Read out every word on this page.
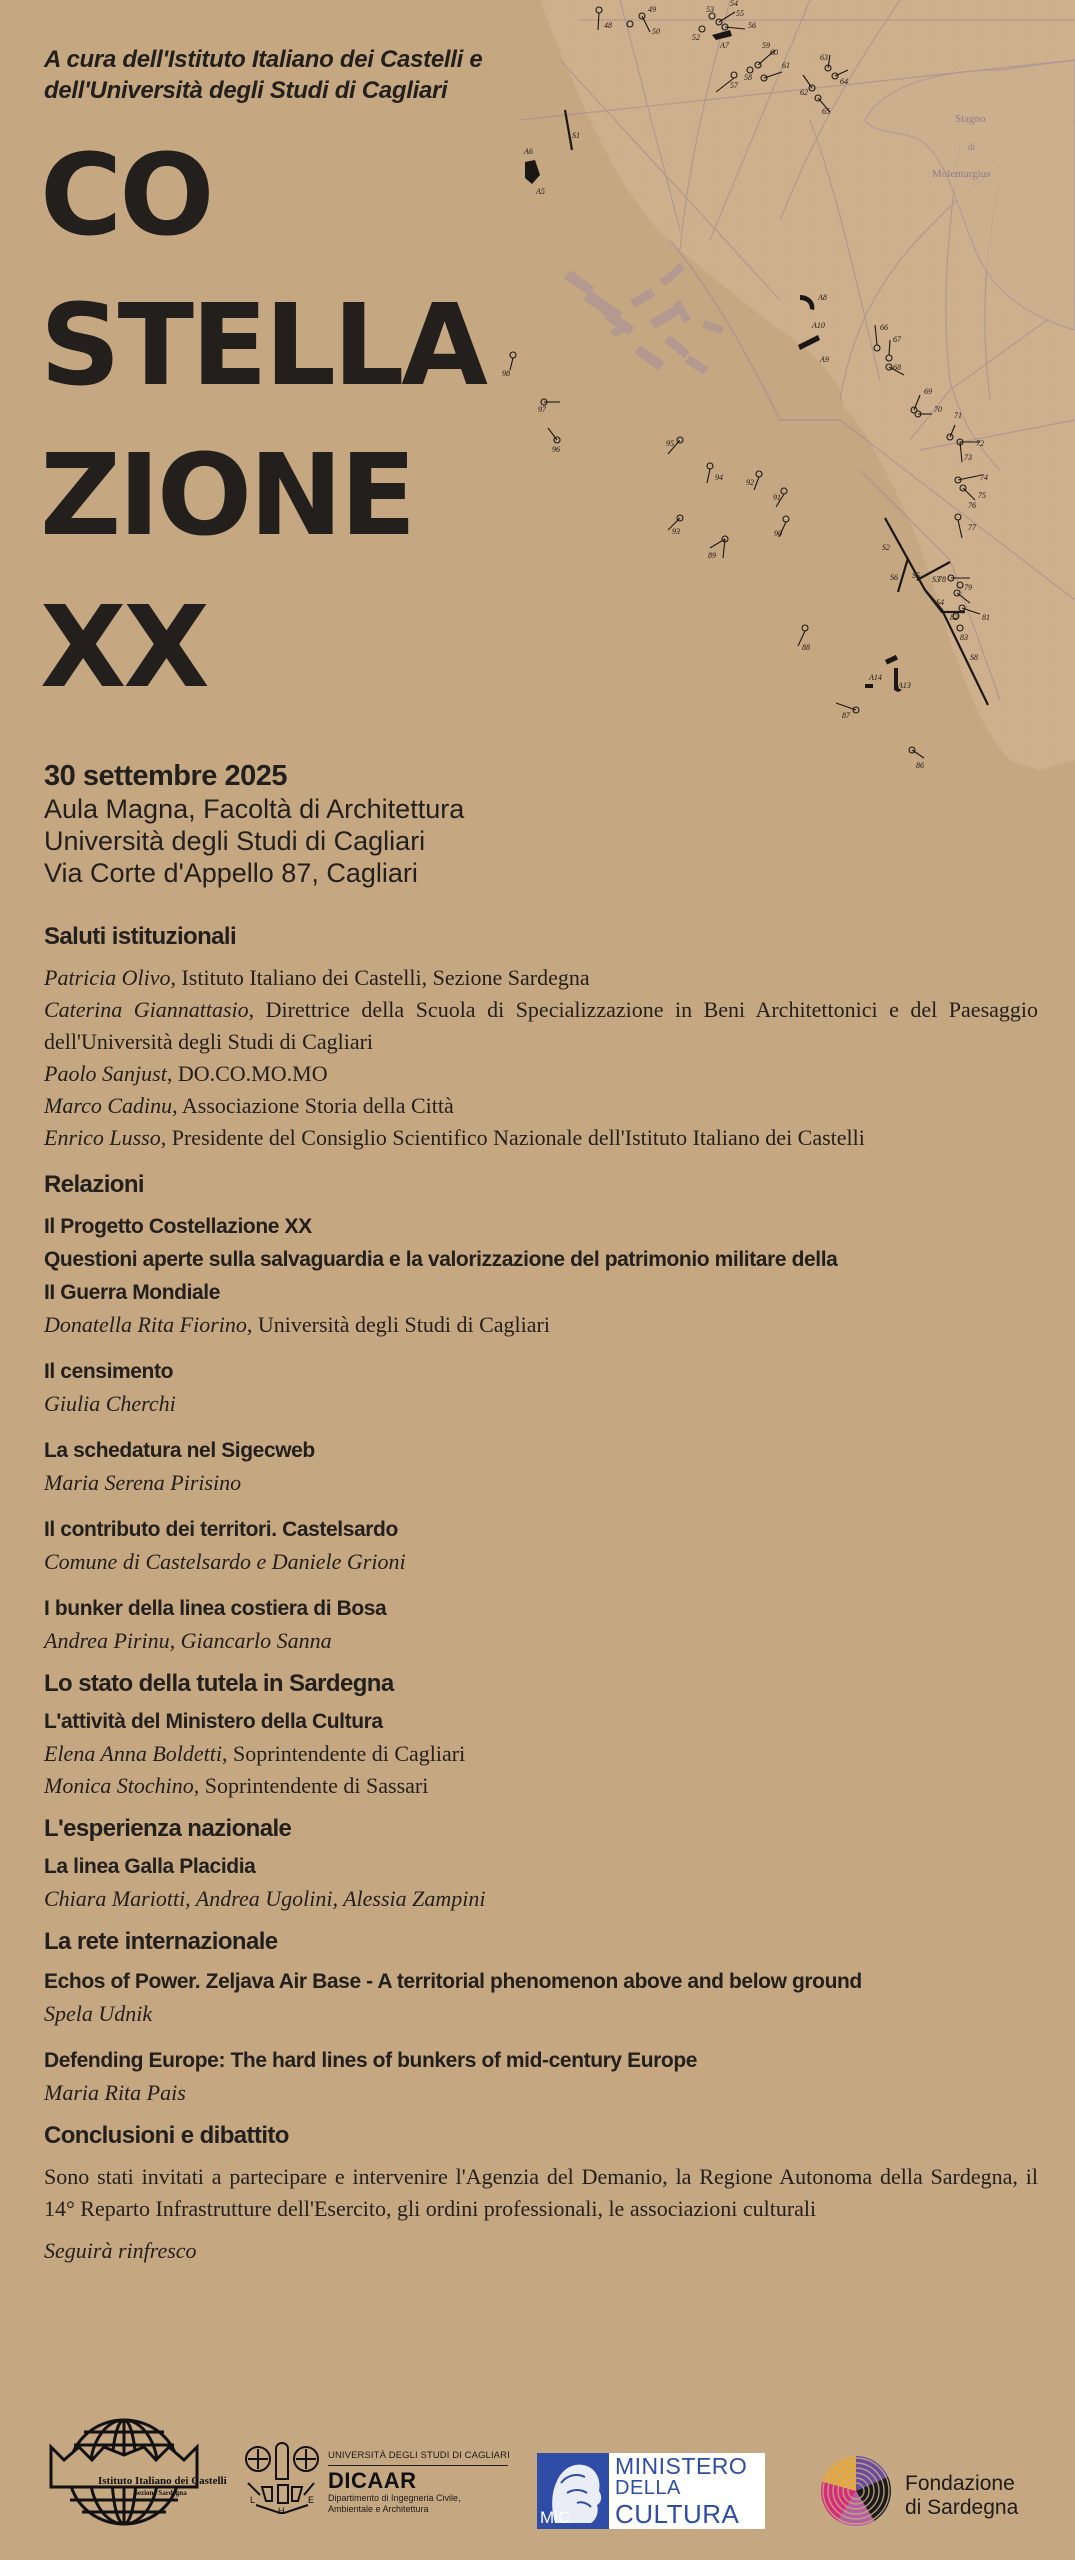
Stagno
di
Molentargius
48
49
50
52
53
54
55
56
57
58
59
60
61
62
63
64
65
66
67
68
69
70
71
72
73
74
75
76
77
78
79
81
82
83
86
87
88
89
90
91
92
93
94
95
96
97
98
A5
A6
A7
A8
A9
A10
A13
A14
S1
S2
S3
S4
S5
S6
S8
A cura dell'Istituto Italiano dei Castelli e
dell'Università degli Studi di Cagliari
CO
STELLA
ZIONE
XX
30 settembre 2025
Aula Magna, Facoltà di Architettura
Università degli Studi di Cagliari
Via Corte d'Appello 87, Cagliari
Saluti istituzionali
Patricia Olivo, Istituto Italiano dei Castelli, Sezione Sardegna
Caterina Giannattasio, Direttrice della Scuola di Specializzazione in Beni Architettonici e del Paesaggio dell'Università degli Studi di Cagliari
Paolo Sanjust, DO.CO.MO.MO
Marco Cadinu, Associazione Storia della Città
Enrico Lusso, Presidente del Consiglio Scientifico Nazionale dell'Istituto Italiano dei Castelli
Relazioni
Il Progetto Costellazione XX
Questioni aperte sulla salvaguardia e la valorizzazione del patrimonio militare della
II Guerra Mondiale
Donatella Rita Fiorino, Università degli Studi di Cagliari
Il censimento
Giulia Cherchi
La schedatura nel Sigecweb
Maria Serena Pirisino
Il contributo dei territori. Castelsardo
Comune di Castelsardo e Daniele Grioni
I bunker della linea costiera di Bosa
Andrea Pirinu, Giancarlo Sanna
Lo stato della tutela in Sardegna
L'attività del Ministero della Cultura
Elena Anna Boldetti, Soprintendente di Cagliari
Monica Stochino, Soprintendente di Sassari
L'esperienza nazionale
La linea Galla Placidia
Chiara Mariotti, Andrea Ugolini, Alessia Zampini
La rete internazionale
Echos of Power. Zeljava Air Base - A territorial phenomenon above and below ground
Spela Udnik
Defending Europe: The hard lines of bunkers of mid-century Europe
Maria Rita Pais
Conclusioni e dibattito
Sono stati invitati a partecipare e intervenire l'Agenzia del Demanio, la Regione Autonoma della Sardegna, il 14° Reparto Infrastrutture dell'Esercito, gli ordini professionali, le associazioni culturali
Seguirà rinfresco
Istituto Italiano dei Castelli
Sezione Sardegna
L
H
E
UNIVERSITÀ DEGLI STUDI DI CAGLIARI
DICAAR
Dipartimento di Ingegneria Civile,
Ambientale e Architettura	MiC
MINISTERO
DELLA
CULTURA
Fondazione
di Sardegna
